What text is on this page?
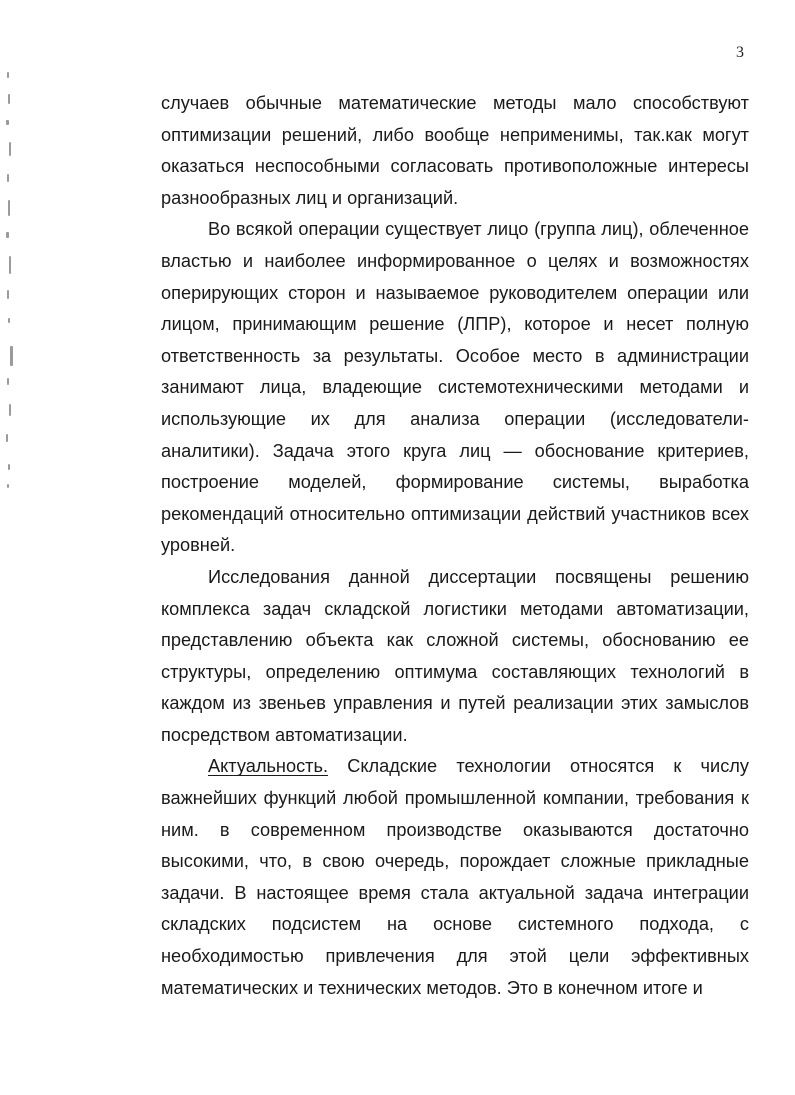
3

случаев обычные математические методы мало способствуют оптимизации решений, либо вообще неприменимы, так.как могут оказаться неспособными согласовать противоположные интересы разнообразных лиц и организаций.

Во всякой операции существует лицо (группа лиц), облеченное властью и наиболее информированное о целях и возможностях оперирующих сторон и называемое руководителем операции или лицом, принимающим решение (ЛПР), которое и несет полную ответственность за результаты. Особое место в администрации занимают лица, владеющие системотехническими методами и использующие их для анализа операции (исследователи-аналитики). Задача этого круга лиц — обоснование критериев, построение моделей, формирование системы, выработка рекомендаций относительно оптимизации действий участников всех уровней.

Исследования данной диссертации посвящены решению комплекса задач складской логистики методами автоматизации, представлению объекта как сложной системы, обоснованию ее структуры, определению оптимума составляющих технологий в каждом из звеньев управления и путей реализации этих замыслов посредством автоматизации.

Актуальность. Складские технологии относятся к числу важнейших функций любой промышленной компании, требования к ним. в современном производстве оказываются достаточно высокими, что, в свою очередь, порождает сложные прикладные задачи. В настоящее время стала актуальной задача интеграции складских подсистем на основе системного подхода, с необходимостью привлечения для этой цели эффективных математических и технических методов. Это в конечном итоге и
